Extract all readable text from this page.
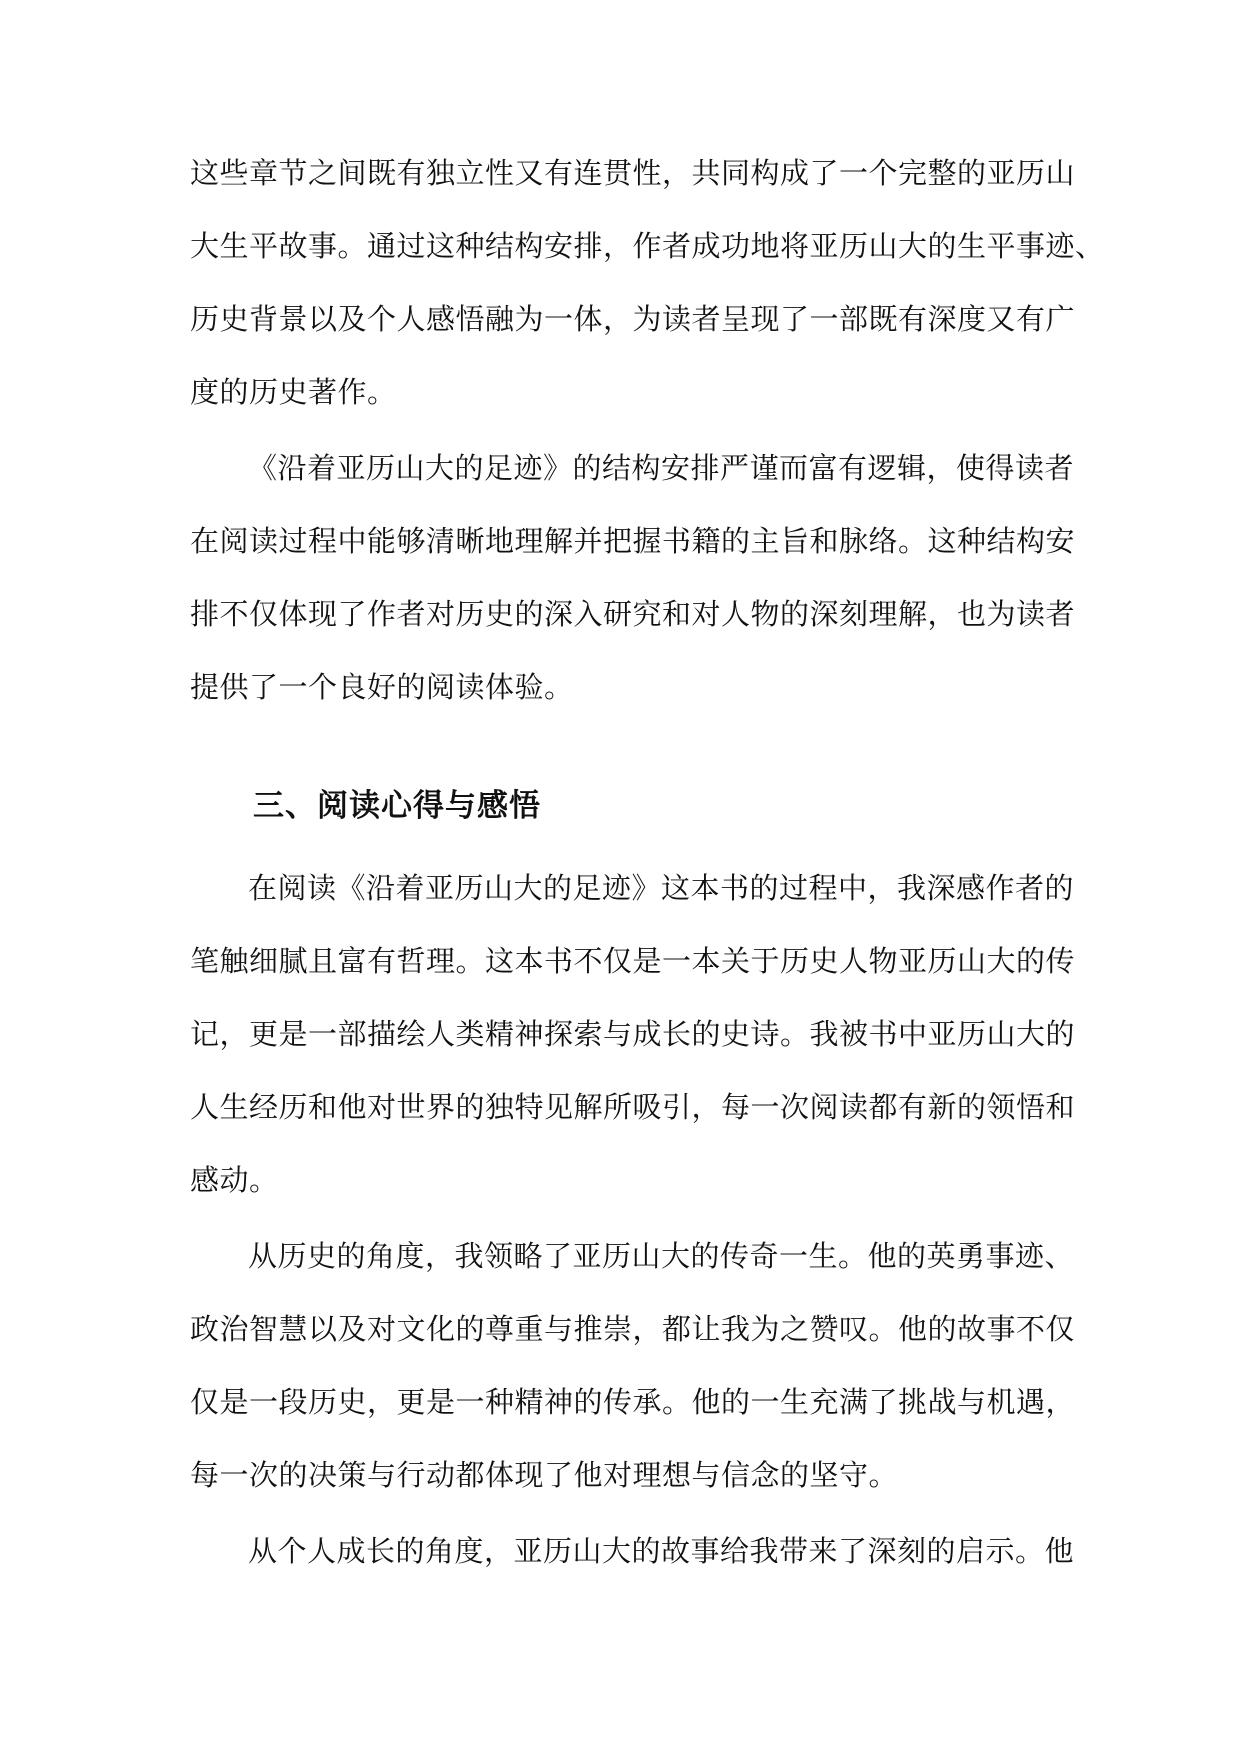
这些章节之间既有独立性又有连贯性，共同构成了一个完整的亚历山
大生平故事。通过这种结构安排，作者成功地将亚历山大的生平事迹、
历史背景以及个人感悟融为一体，为读者呈现了一部既有深度又有广
度的历史著作。
《沿着亚历山大的足迹》的结构安排严谨而富有逻辑，使得读者
在阅读过程中能够清晰地理解并把握书籍的主旨和脉络。这种结构安
排不仅体现了作者对历史的深入研究和对人物的深刻理解，也为读者
提供了一个良好的阅读体验。
三、阅读心得与感悟
在阅读《沿着亚历山大的足迹》这本书的过程中，我深感作者的
笔触细腻且富有哲理。这本书不仅是一本关于历史人物亚历山大的传
记，更是一部描绘人类精神探索与成长的史诗。我被书中亚历山大的
人生经历和他对世界的独特见解所吸引，每一次阅读都有新的领悟和
感动。
从历史的角度，我领略了亚历山大的传奇一生。他的英勇事迹、
政治智慧以及对文化的尊重与推崇，都让我为之赞叹。他的故事不仅
仅是一段历史，更是一种精神的传承。他的一生充满了挑战与机遇，
每一次的决策与行动都体现了他对理想与信念的坚守。
从个人成长的角度，亚历山大的故事给我带来了深刻的启示。他
